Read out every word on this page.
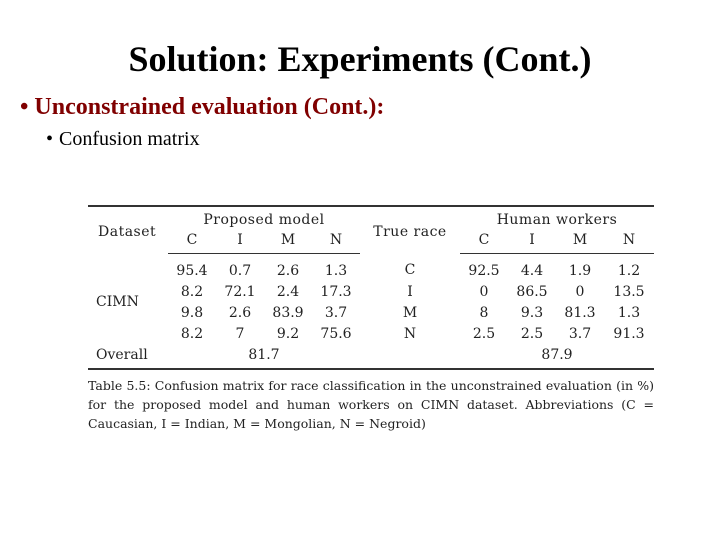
Solution: Experiments (Cont.)
• Unconstrained evaluation (Cont.):
• Confusion matrix
Dataset	Proposed model				True race	Human workers			
	C	I	M	N		C	I	M	N
CIMN	95.4	0.7	2.6	1.3	C	92.5	4.4	1.9	1.2
	8.2	72.1	2.4	17.3	I	0	86.5	0	13.5
	9.8	2.6	83.9	3.7	M	8	9.3	81.3	1.3
	8.2	7	9.2	75.6	N	2.5	2.5	3.7	91.3
Overall	81.7					87.9			
Table 5.5: Confusion matrix for race classification in the unconstrained evaluation (in %) for the proposed model and human workers on CIMN dataset. Abbreviations (C = Caucasian, I = Indian, M = Mongolian, N = Negroid)
